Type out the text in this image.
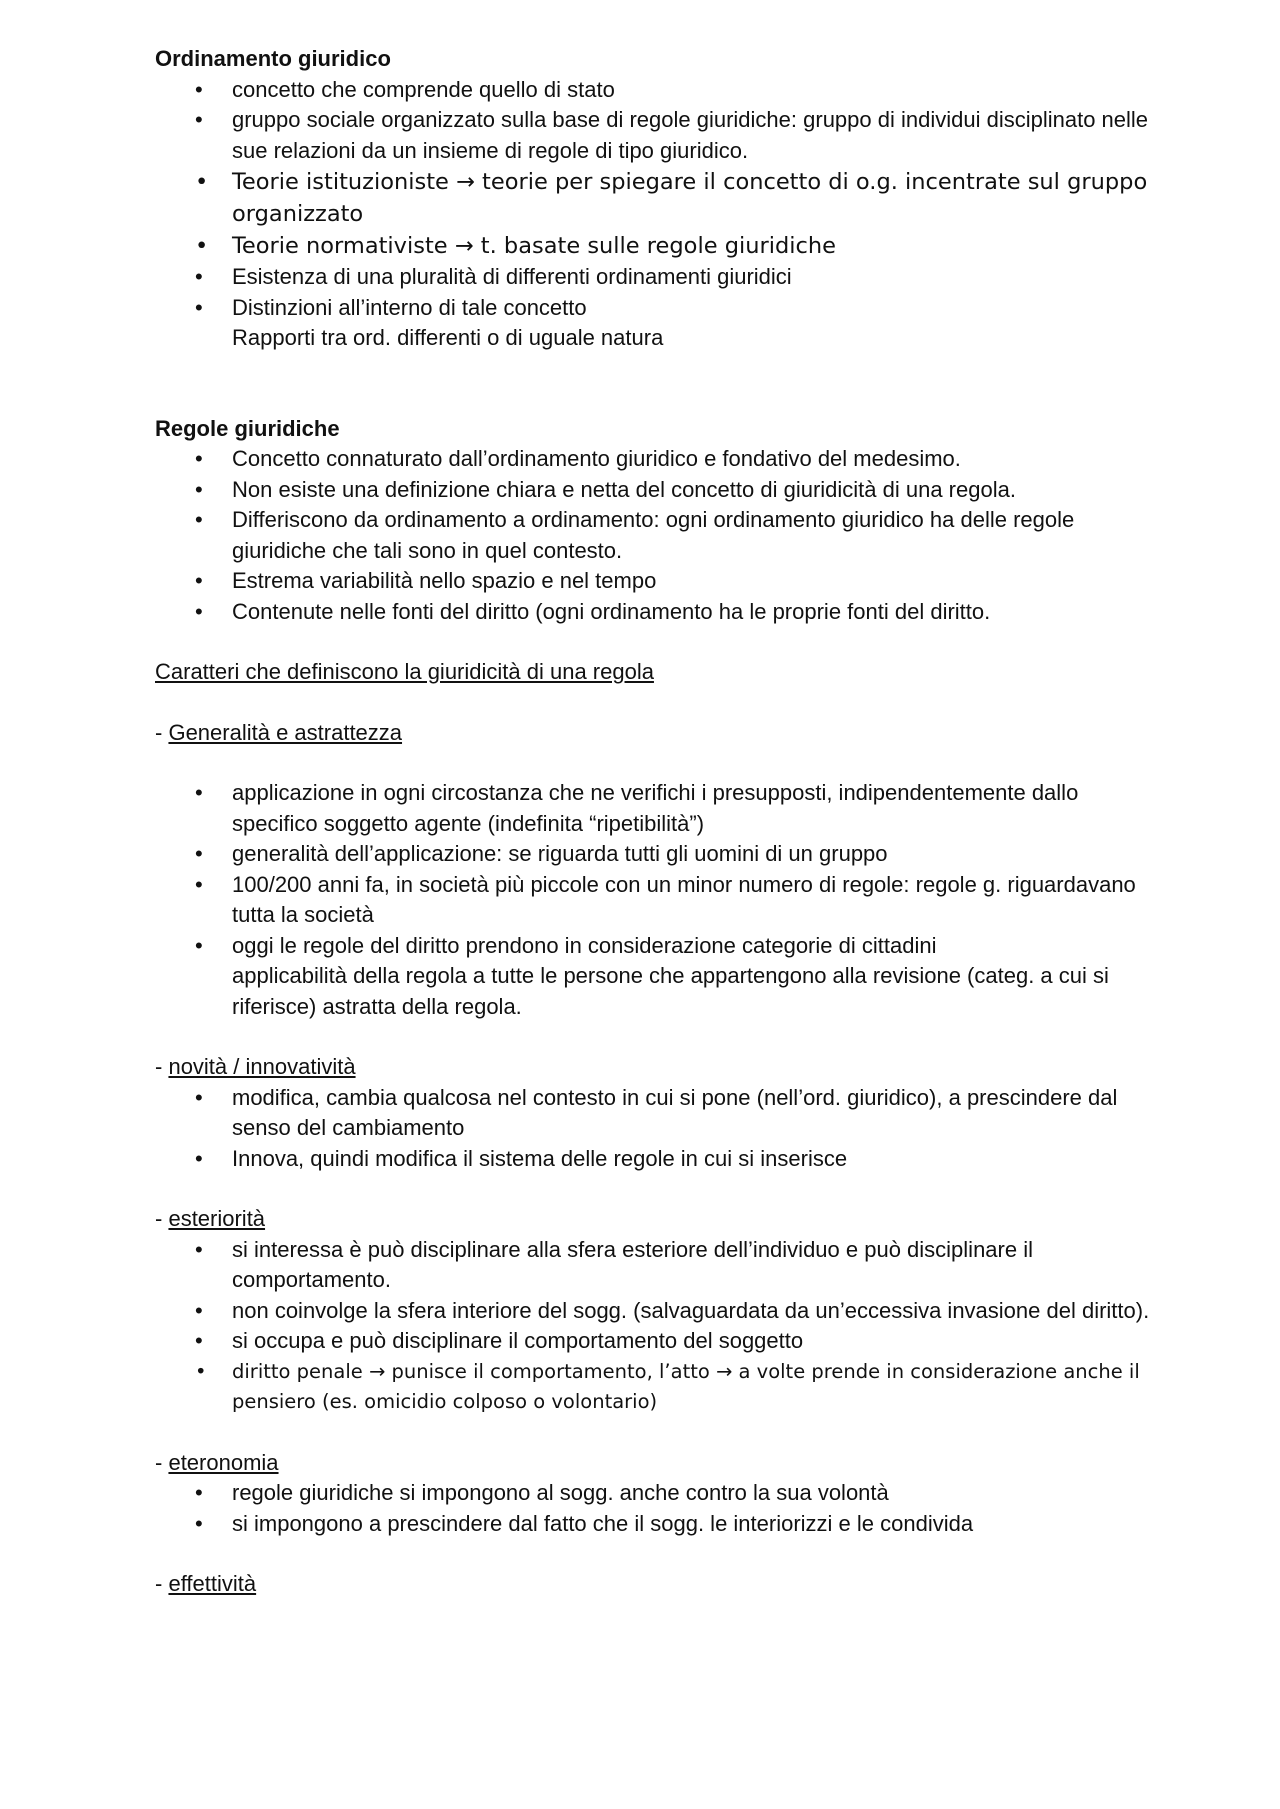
Ordinamento giuridico

• concetto che comprende quello di stato
• gruppo sociale organizzato sulla base di regole giuridiche: gruppo di individui disciplinato nelle sue relazioni da un insieme di regole di tipo giuridico.
• Teorie istituzioniste → teorie per spiegare il concetto di o.g. incentrate sul gruppo organizzato
• Teorie normativiste → t. basate sulle regole giuridiche
• Esistenza di una pluralità di differenti ordinamenti giuridici
• Distinzioni all’interno di tale concetto
Rapporti tra ord. differenti o di uguale natura

Regole giuridiche

• Concetto connaturato dall’ordinamento giuridico e fondativo del medesimo.
• Non esiste una definizione chiara e netta del concetto di giuridicità di una regola.
• Differiscono da ordinamento a ordinamento: ogni ordinamento giuridico ha delle regole giuridiche che tali sono in quel contesto.
• Estrema variabilità nello spazio e nel tempo
• Contenute nelle fonti del diritto (ogni ordinamento ha le proprie fonti del diritto.

Caratteri che definiscono la giuridicità di una regola

- Generalità e astrattezza

• applicazione in ogni circostanza che ne verifichi i presupposti, indipendentemente dallo specifico soggetto agente (indefinita “ripetibilità”)
• generalità dell’applicazione: se riguarda tutti gli uomini di un gruppo
• 100/200 anni fa, in società più piccole con un minor numero di regole: regole g. riguardavano tutta la società
• oggi le regole del diritto prendono in considerazione categorie di cittadini
applicabilità della regola a tutte le persone che appartengono alla revisione (categ. a cui si riferisce) astratta della regola.

- novità / innovatività

• modifica, cambia qualcosa nel contesto in cui si pone (nell’ord. giuridico), a prescindere dal senso del cambiamento
• Innova, quindi modifica il sistema delle regole in cui si inserisce

- esteriorità

• si interessa è può disciplinare alla sfera esteriore dell’individuo e può disciplinare il comportamento.
• non coinvolge la sfera interiore del sogg. (salvaguardata da un’eccessiva invasione del diritto).
• si occupa e può disciplinare il comportamento del soggetto
• diritto penale → punisce il comportamento, l’atto → a volte prende in considerazione anche il pensiero (es. omicidio colposo o volontario)

- eteronomia

• regole giuridiche si impongono al sogg. anche contro la sua volontà
• si impongono a prescindere dal fatto che il sogg. le interiorizzi e le condivida

- effettività
